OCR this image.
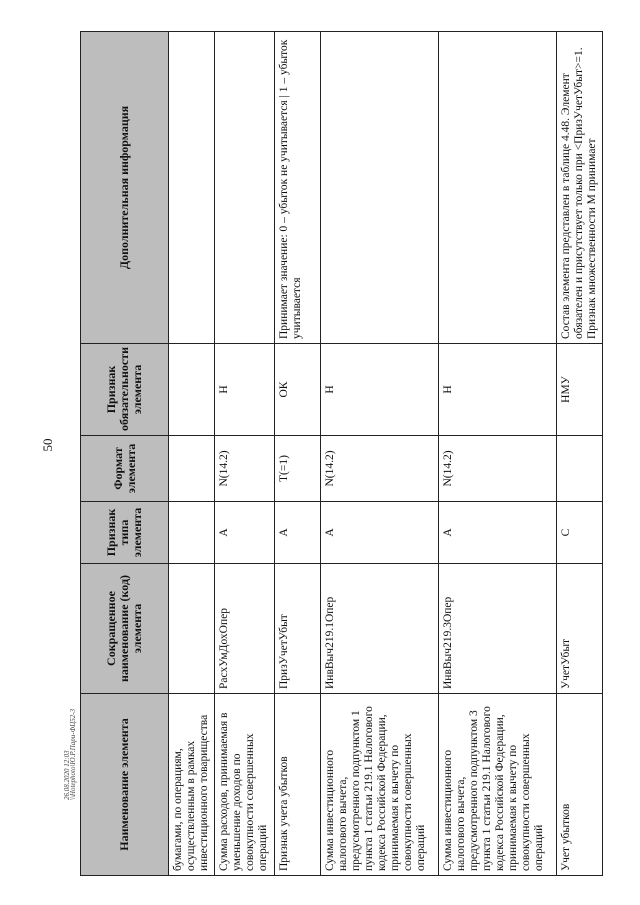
50
26.08.2020 12:03
\\Hotephoto\Ю.Р.Пари-ФЦ52-3	Наименование элемента	Сокращенное наименование (код) элемента	Признак типа элемента	Формат элемента	Признак обязательности элемента	Дополнительная информация
бумагами, по операциям, осуществленным в рамках инвестиционного товарищества					
Сумма расходов, принимаемая в уменьшение доходов по совокупности совершенных операций	РасхУмДохОпер	А	N(14.2)	Н	
Признак учета убытков	ПризУчетУбыт	А	T(=1)	ОК	Принимает значение: 0 – убыток не учитывается | 1 – убыток учитывается
Сумма инвестиционного налогового вычета, предусмотренного подпунктом 1 пункта 1 статьи 219.1 Налогового кодекса Российской Федерации, принимаемая к вычету по совокупности совершенных операций	ИнвВыч219.1Опер	А	N(14.2)	Н	
Сумма инвестиционного налогового вычета, предусмотренного подпунктом 3 пункта 1 статьи 219.1 Налогового кодекса Российской Федерации, принимаемая к вычету по совокупности совершенных операций	ИнвВыч219.3Опер	А	N(14.2)	Н	
Учет убытков	УчетУбыт	С		НМУ	Состав элемента представлен в таблице 4.48. Элемент обязателен и присутствует только при <ПризУчетУбыт>=1. Признак множественности М принимает
